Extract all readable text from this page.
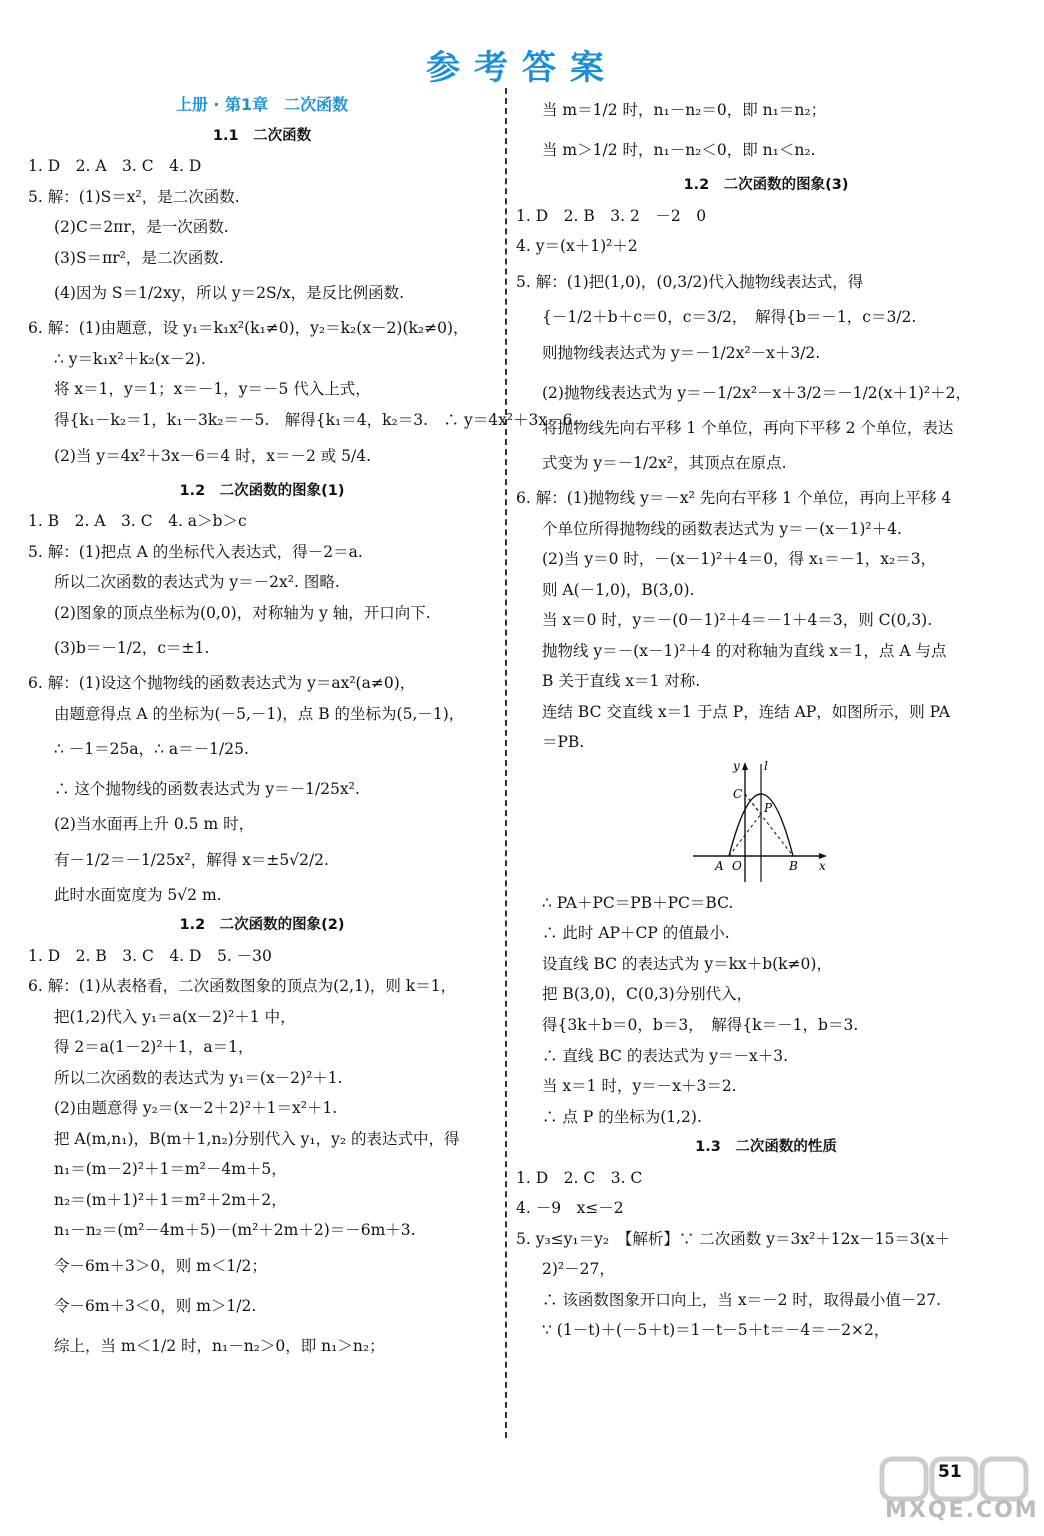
参考答案
上册 · 第1章　二次函数
1.1　二次函数
1. D　2. A　3. C　4. D
5. 解：(1)S＝x²，是二次函数.
(2)C＝2πr，是一次函数.
(3)S＝πr²，是二次函数.
(4)因为 S＝1/2xy，所以 y＝2S/x，是反比例函数.
6. 解：(1)由题意，设 y₁＝k₁x²(k₁≠0)，y₂＝k₂(x－2)(k₂≠0)，
∴ y＝k₁x²＋k₂(x－2).
将 x＝1，y＝1；x＝－1，y＝－5 代入上式，
得{k₁－k₂＝1，k₁－3k₂＝－5.　解得{k₁＝4，k₂＝3.　∴ y＝4x²＋3x－6.
(2)当 y＝4x²＋3x－6＝4 时，x＝－2 或 5/4.
1.2　二次函数的图象(1)
1. B　2. A　3. C　4. a＞b＞c
5. 解：(1)把点 A 的坐标代入表达式，得－2＝a.
所以二次函数的表达式为 y＝－2x². 图略.
(2)图象的顶点坐标为(0,0)，对称轴为 y 轴，开口向下.
(3)b＝－1/2，c＝±1.
6. 解：(1)设这个抛物线的函数表达式为 y＝ax²(a≠0)，
由题意得点 A 的坐标为(－5,－1)，点 B 的坐标为(5,－1)，
∴ －1＝25a，∴ a＝－1/25.
∴ 这个抛物线的函数表达式为 y＝－1/25x².
(2)当水面再上升 0.5 m 时，
有－1/2＝－1/25x²，解得 x＝±5√2/2.
此时水面宽度为 5√2 m.
1.2　二次函数的图象(2)
1. D　2. B　3. C　4. D　5. －30
6. 解：(1)从表格看，二次函数图象的顶点为(2,1)，则 k＝1，
把(1,2)代入 y₁＝a(x－2)²＋1 中，
得 2＝a(1－2)²＋1，a＝1，
所以二次函数的表达式为 y₁＝(x－2)²＋1.
(2)由题意得 y₂＝(x－2＋2)²＋1＝x²＋1.
把 A(m,n₁)，B(m＋1,n₂)分别代入 y₁，y₂ 的表达式中，得
n₁＝(m－2)²＋1＝m²－4m＋5，
n₂＝(m＋1)²＋1＝m²＋2m＋2，
n₁－n₂＝(m²－4m＋5)－(m²＋2m＋2)＝－6m＋3.
令－6m＋3＞0，则 m＜1/2；
令－6m＋3＜0，则 m＞1/2.
综上，当 m＜1/2 时，n₁－n₂＞0，即 n₁＞n₂；
当 m＝1/2 时，n₁－n₂＝0，即 n₁＝n₂；
当 m＞1/2 时，n₁－n₂＜0，即 n₁＜n₂.
1.2　二次函数的图象(3)
1. D　2. B　3. 2　－2　0
4. y＝(x＋1)²＋2
5. 解：(1)把(1,0)，(0,3/2)代入抛物线表达式，得
{－1/2＋b＋c＝0，c＝3/2，　解得{b＝－1，c＝3/2.
则抛物线表达式为 y＝－1/2x²－x＋3/2.
(2)抛物线表达式为 y＝－1/2x²－x＋3/2＝－1/2(x＋1)²＋2，
将抛物线先向右平移 1 个单位，再向下平移 2 个单位，表达
式变为 y＝－1/2x²，其顶点在原点.
6. 解：(1)抛物线 y＝－x² 先向右平移 1 个单位，再向上平移 4
个单位所得抛物线的函数表达式为 y＝－(x－1)²＋4.
(2)当 y＝0 时，－(x－1)²＋4＝0，得 x₁＝－1，x₂＝3，
则 A(－1,0)，B(3,0).
当 x＝0 时，y＝－(0－1)²＋4＝－1＋4＝3，则 C(0,3).
抛物线 y＝－(x－1)²＋4 的对称轴为直线 x＝1，点 A 与点
B 关于直线 x＝1 对称.
连结 BC 交直线 x＝1 于点 P，连结 AP，如图所示，则 PA
＝PB.
y l
C
P
A O	B x
∴ PA＋PC＝PB＋PC＝BC.
∴ 此时 AP＋CP 的值最小.
设直线 BC 的表达式为 y＝kx＋b(k≠0)，
把 B(3,0)，C(0,3)分别代入，
得{3k＋b＝0，b＝3，　解得{k＝－1，b＝3.
∴ 直线 BC 的表达式为 y＝－x＋3.
当 x＝1 时，y＝－x＋3＝2.
∴ 点 P 的坐标为(1,2).
1.3　二次函数的性质
1. D　2. C　3. C
4. －9　x≤－2
5. y₃≤y₁＝y₂　【解析】∵ 二次函数 y＝3x²＋12x－15＝3(x＋
2)²－27，
∴ 该函数图象开口向上，当 x＝－2 时，取得最小值－27.
∵ (1－t)＋(－5＋t)＝1－t－5＋t＝－4＝－2×2，
51
MXQE.COM
